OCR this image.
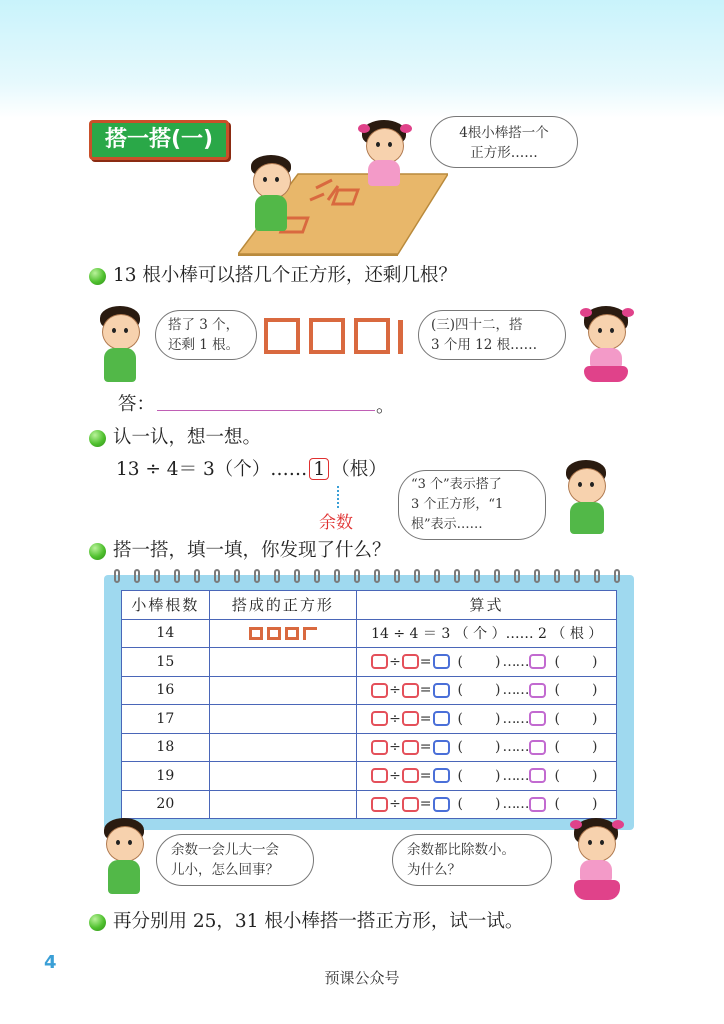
搭一搭(一)	4根小棒搭一个
正方形……
13 根小棒可以搭几个正方形，还剩几根？
搭了 3 个，
还剩 1 根。
(三)四十二，搭
3 个用 12 根……
答：	。
认一认，想一想。
13 ÷ 4＝ 3（个）…… 1 （根）
余数
“3 个”表示搭了
3 个正方形，“1
根”表示……
搭一搭，填一填，你发现了什么？
小棒根数	搭成的正方形	算式
14		14 ÷ 4 ＝ 3 （ 个 ）…… 2 （ 根 ）
15		÷ = ( ) …… ( )
16		÷ = ( ) …… ( )
17		÷ = ( ) …… ( )
18		÷ = ( ) …… ( )
19		÷ = ( ) …… ( )
20		÷ = ( ) …… ( )
余数一会儿大一会
儿小，怎么回事？
余数都比除数小。
为什么？
再分别用 25，31 根小棒搭一搭正方形，试一试。
4
预课公众号
